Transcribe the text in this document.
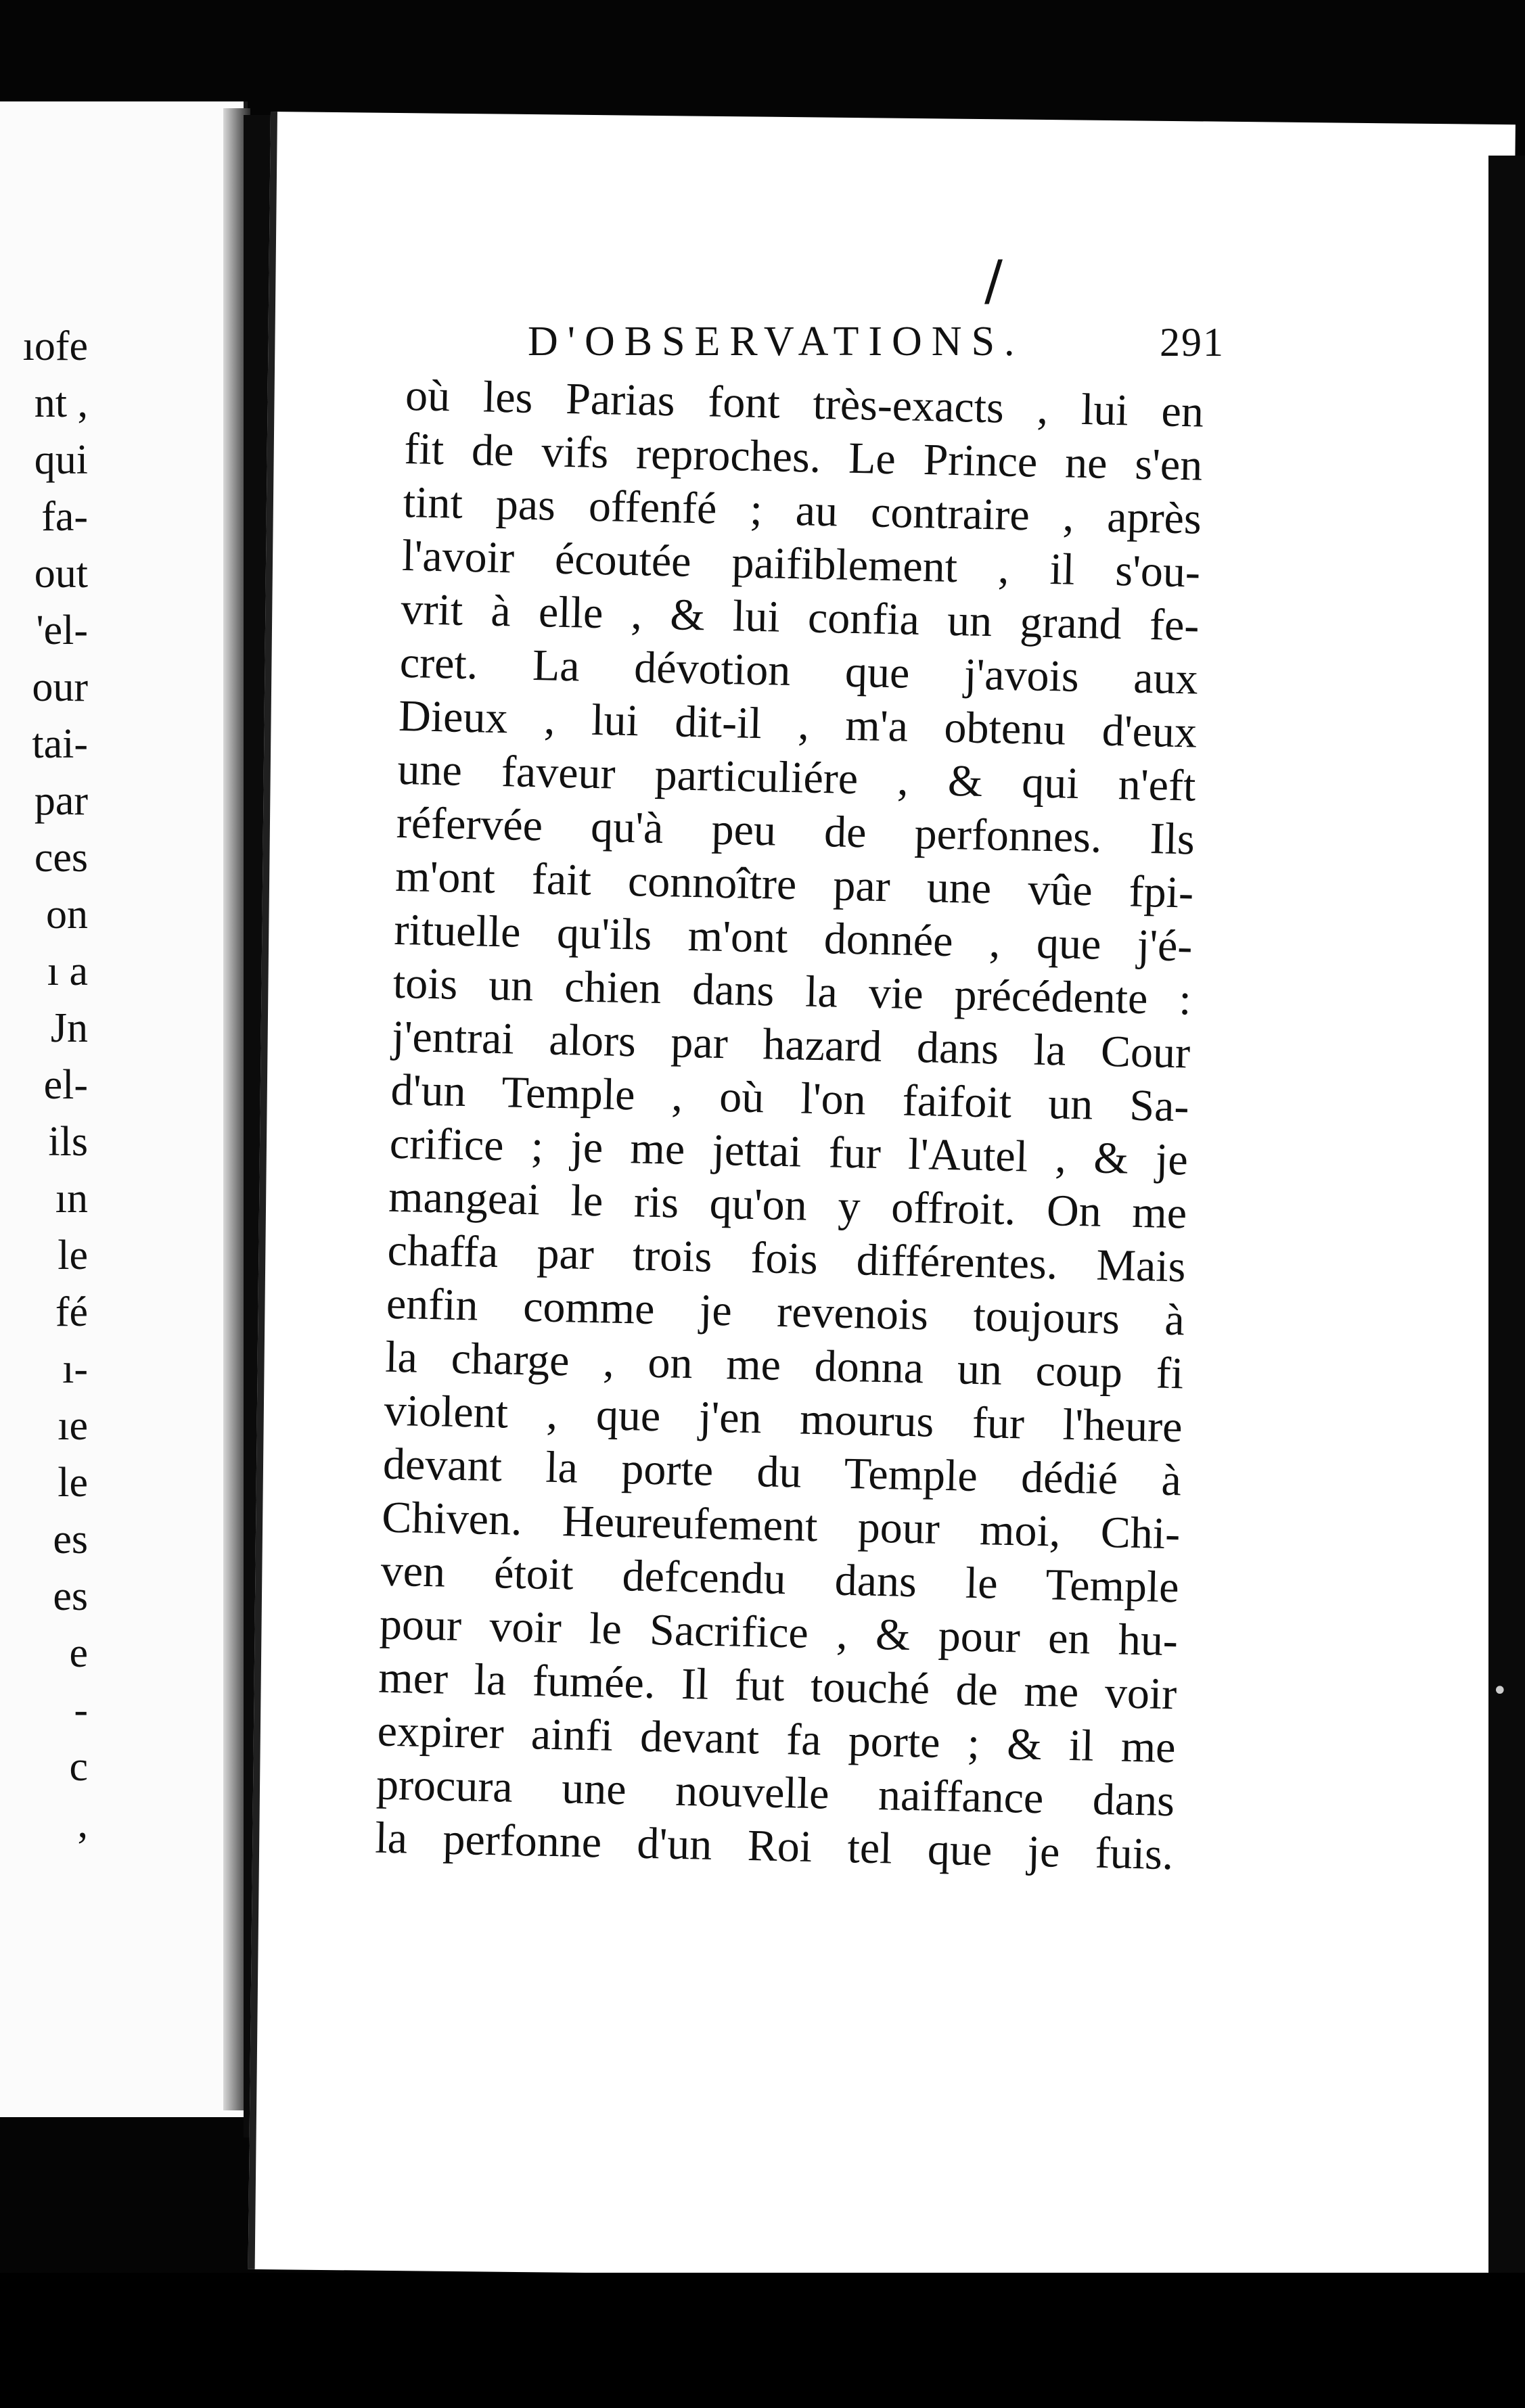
ıofe
nt ,
qui
fa-
out
'el-
our
tai-
par
ces
on
ı a
Jn
el-
ils
ın
le
fé
ı-
ıe
le
es
es
e
-
c
,
/
•
D'OBSERVATIONS.	291
où les Parias font très-exacts , lui en
fit de vifs reproches. Le Prince ne s'en
tint pas offenfé ; au contraire , après
l'avoir écoutée paifiblement , il s'ou-
vrit à elle , & lui confia un grand fe-
cret. La dévotion que j'avois aux
Dieux , lui dit-il , m'a obtenu d'eux
une faveur particuliére , & qui n'eft
réfervée qu'à peu de perfonnes. Ils
m'ont fait connoître par une vûe fpi-
rituelle qu'ils m'ont donnée , que j'é-
tois un chien dans la vie précédente :
j'entrai alors par hazard dans la Cour
d'un Temple , où l'on faifoit un Sa-
crifice ; je me jettai fur l'Autel , & je
mangeai le ris qu'on y offroit. On me
chaffa par trois fois différentes. Mais
enfin comme je revenois toujours à
la charge , on me donna un coup fi
violent , que j'en mourus fur l'heure
devant la porte du Temple dédié à
Chiven. Heureufement pour moi, Chi-
ven étoit defcendu dans le Temple
pour voir le Sacrifice , & pour en hu-
mer la fumée. Il fut touché de me voir
expirer ainfi devant fa porte ; & il me
procura une nouvelle naiffance dans
la perfonne d'un Roi tel que je fuis.
